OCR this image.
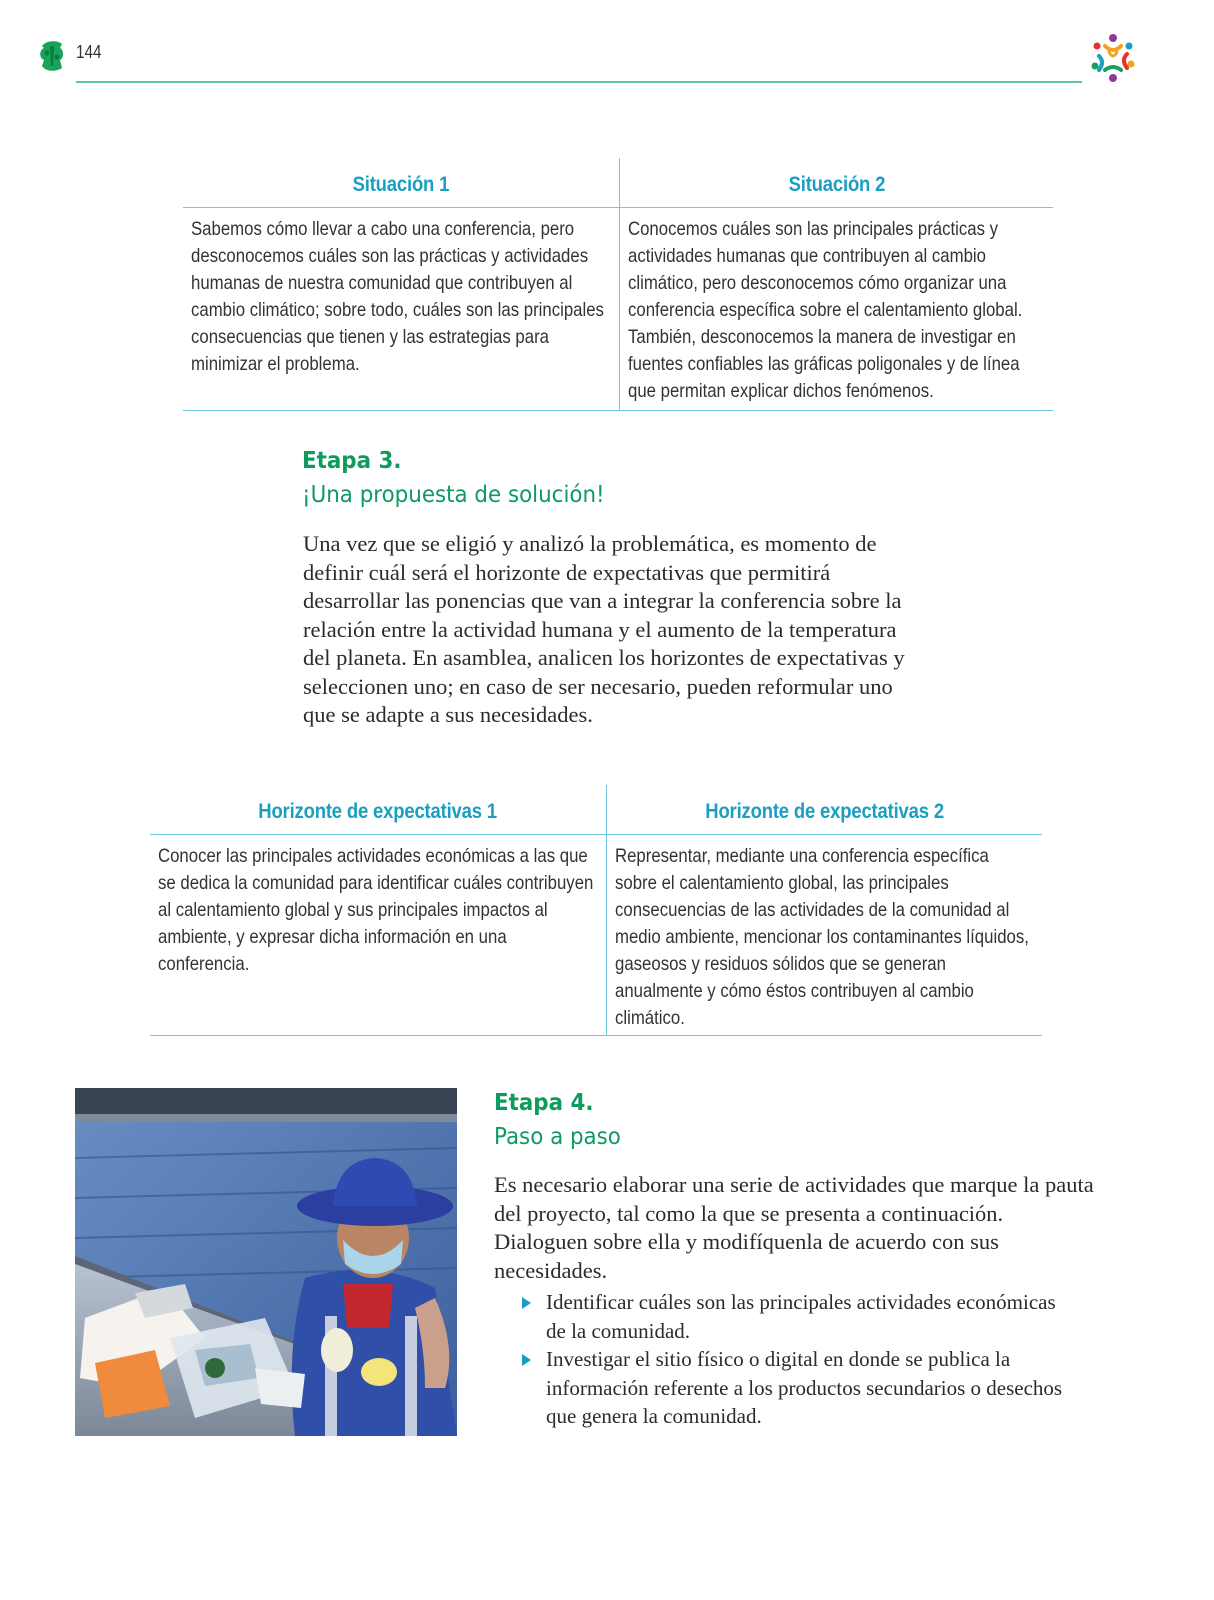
144
Situación 1
Sabemos cómo llevar a cabo una conferencia, pero desconocemos cuáles son las prácticas y actividades humanas de nuestra comunidad que contribuyen al cambio climático; sobre todo, cuáles son las principales consecuencias que tienen y las estrategias para minimizar el problema.
Situación 2
Conocemos cuáles son las principales prácticas y actividades humanas que contribuyen al cambio climático, pero desconocemos cómo organizar una conferencia específica sobre el calentamiento global. También, desconocemos la manera de investigar en fuentes confiables las gráficas poligonales y de línea que permitan explicar dichos fenómenos.
Etapa 3.
¡Una propuesta de solución!
Una vez que se eligió y analizó la problemática, es momento de definir cuál será el horizonte de expectativas que permitirá desarrollar las ponencias que van a integrar la conferencia sobre la relación entre la actividad humana y el aumento de la temperatura del planeta. En asamblea, analicen los horizontes de expectativas y seleccionen uno; en caso de ser necesario, pueden reformular uno que se adapte a sus necesidades.
Horizonte de expectativas 1
Conocer las principales actividades económicas a las que se dedica la comunidad para identificar cuáles contribuyen al calentamiento global y sus principales impactos al ambiente, y expresar dicha información en una conferencia.
Horizonte de expectativas 2
Representar, mediante una conferencia específica sobre el calentamiento global, las principales consecuencias de las actividades de la comunidad al medio ambiente, mencionar los contaminantes líquidos, gaseosos y residuos sólidos que se generan anualmente y cómo éstos contribuyen al cambio climático.
Etapa 4.
Paso a paso
Es necesario elaborar una serie de actividades que marque la pauta del proyecto, tal como la que se presenta a continuación. Dialoguen sobre ella y modifíquenla de acuerdo con sus necesidades.
Identificar cuáles son las principales actividades económicas de la comunidad.
Investigar el sitio físico o digital en donde se publica la información referente a los productos secundarios o desechos que genera la comunidad.
